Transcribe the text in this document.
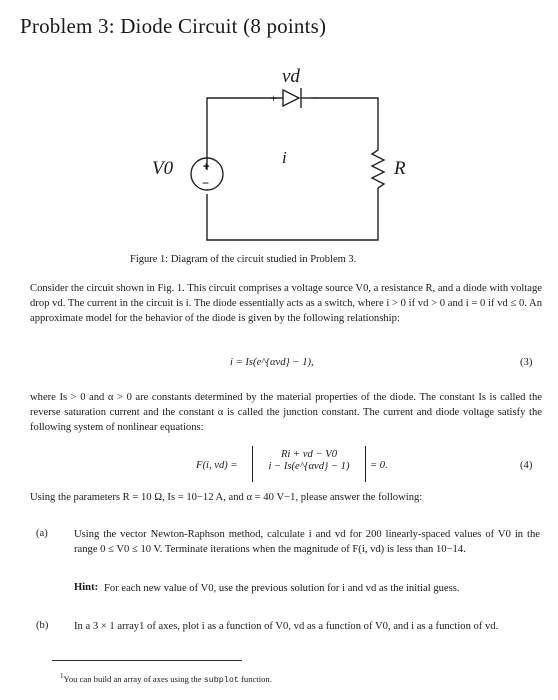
Problem 3: Diode Circuit (8 points)
+	−
+
−
vd
i
V0	R
Figure 1: Diagram of the circuit studied in Problem 3.
Consider the circuit shown in Fig. 1. This circuit comprises a voltage source V0, a resistance R, and a diode with voltage drop vd. The current in the circuit is i. The diode essentially acts as a switch, where i > 0 if vd > 0 and i = 0 if vd ≤ 0. An approximate model for the behavior of the diode is given by the following relationship:
i = Is(e^{αvd} − 1),	(3)
where Is > 0 and α > 0 are constants determined by the material properties of the diode. The constant Is is called the reverse saturation current and the constant α is called the junction constant. The current and diode voltage satisfy the following system of nonlinear equations:
F(i, vd) =
Ri + vd − V0
i − Is(e^{αvd} − 1)	= 0.	(4)
Using the parameters R = 10 Ω, Is = 10−12 A, and α = 40 V−1, please answer the following:
(a) Using the vector Newton-Raphson method, calculate i and vd for 200 linearly-spaced values of V0 in the range 0 ≤ V0 ≤ 10 V. Terminate iterations when the magnitude of F(i, vd) is less than 10−14.
Hint: For each new value of V0, use the previous solution for i and vd as the initial guess.
(b) In a 3 × 1 array1 of axes, plot i as a function of V0, vd as a function of V0, and i as a function of vd.
$^1$You can build an array of axes using the subplot function.
